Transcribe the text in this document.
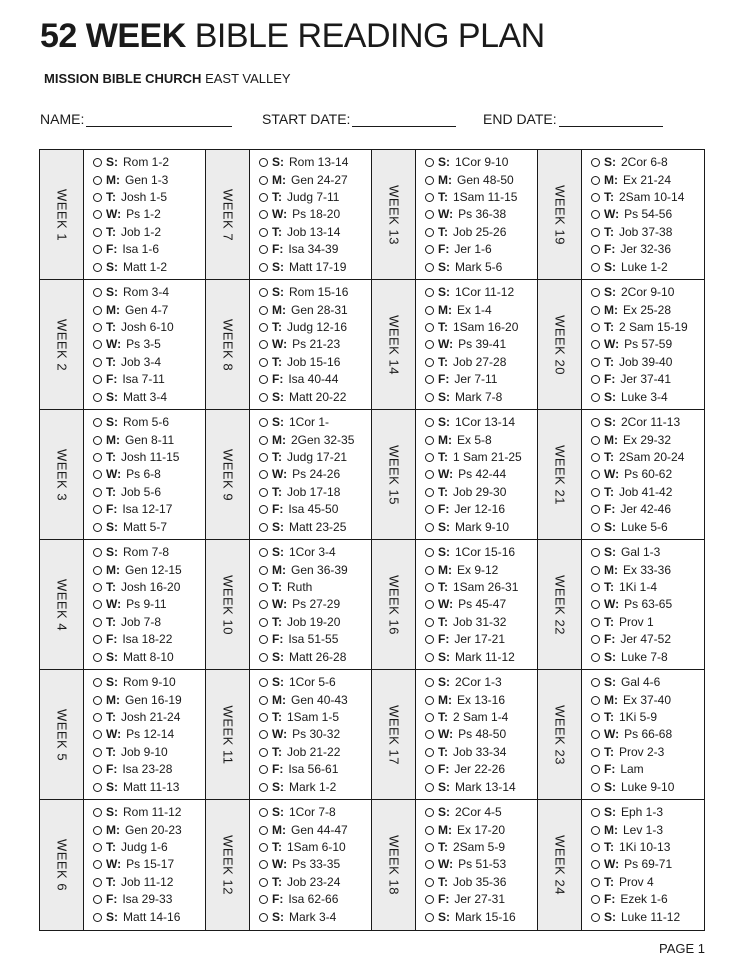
52 WEEK BIBLE READING PLAN
MISSION BIBLE CHURCH EAST VALLEY
NAME:	START DATE:	END DATE:
WEEK 1
S: Rom 1-2
M: Gen 1-3
T: Josh 1-5
W: Ps 1-2
T: Job 1-2
F: Isa 1-6
S: Matt 1-2
WEEK 7
S: Rom 13-14
M: Gen 24-27
T: Judg 7-11
W: Ps 18-20
T: Job 13-14
F: Isa 34-39
S: Matt 17-19
WEEK 13
S: 1Cor 9-10
M: Gen 48-50
T: 1Sam 11-15
W: Ps 36-38
T: Job 25-26
F: Jer 1-6
S: Mark 5-6
WEEK 19
S: 2Cor 6-8
M: Ex 21-24
T: 2Sam 10-14
W: Ps 54-56
T: Job 37-38
F: Jer 32-36
S: Luke 1-2
WEEK 2
S: Rom 3-4
M: Gen 4-7
T: Josh 6-10
W: Ps 3-5
T: Job 3-4
F: Isa 7-11
S: Matt 3-4
WEEK 8
S: Rom 15-16
M: Gen 28-31
T: Judg 12-16
W: Ps 21-23
T: Job 15-16
F: Isa 40-44
S: Matt 20-22
WEEK 14
S: 1Cor 11-12
M: Ex 1-4
T: 1Sam 16-20
W: Ps 39-41
T: Job 27-28
F: Jer 7-11
S: Mark 7-8
WEEK 20
S: 2Cor 9-10
M: Ex 25-28
T: 2 Sam 15-19
W: Ps 57-59
T: Job 39-40
F: Jer 37-41
S: Luke 3-4
WEEK 3
S: Rom 5-6
M: Gen 8-11
T: Josh 11-15
W: Ps 6-8
T: Job 5-6
F: Isa 12-17
S: Matt 5-7
WEEK 9
S: 1Cor 1-
M: 2Gen 32-35
T: Judg 17-21
W: Ps 24-26
T: Job 17-18
F: Isa 45-50
S: Matt 23-25
WEEK 15
S: 1Cor 13-14
M: Ex 5-8
T: 1 Sam 21-25
W: Ps 42-44
T: Job 29-30
F: Jer 12-16
S: Mark 9-10
WEEK 21
S: 2Cor 11-13
M: Ex 29-32
T: 2Sam 20-24
W: Ps 60-62
T: Job 41-42
F: Jer 42-46
S: Luke 5-6
WEEK 4
S: Rom 7-8
M: Gen 12-15
T: Josh 16-20
W: Ps 9-11
T: Job 7-8
F: Isa 18-22
S: Matt 8-10
WEEK 10
S: 1Cor 3-4
M: Gen 36-39
T: Ruth
W: Ps 27-29
T: Job 19-20
F: Isa 51-55
S: Matt 26-28
WEEK 16
S: 1Cor 15-16
M: Ex 9-12
T: 1Sam 26-31
W: Ps 45-47
T: Job 31-32
F: Jer 17-21
S: Mark 11-12
WEEK 22
S: Gal 1-3
M: Ex 33-36
T: 1Ki 1-4
W: Ps 63-65
T: Prov 1
F: Jer 47-52
S: Luke 7-8
WEEK 5
S: Rom 9-10
M: Gen 16-19
T: Josh 21-24
W: Ps 12-14
T: Job 9-10
F: Isa 23-28
S: Matt 11-13
WEEK 11
S: 1Cor 5-6
M: Gen 40-43
T: 1Sam 1-5
W: Ps 30-32
T: Job 21-22
F: Isa 56-61
S: Mark 1-2
WEEK 17
S: 2Cor 1-3
M: Ex 13-16
T: 2 Sam 1-4
W: Ps 48-50
T: Job 33-34
F: Jer 22-26
S: Mark 13-14
WEEK 23
S: Gal 4-6
M: Ex 37-40
T: 1Ki 5-9
W: Ps 66-68
T: Prov 2-3
F: Lam
S: Luke 9-10
WEEK 6
S: Rom 11-12
M: Gen 20-23
T: Judg 1-6
W: Ps 15-17
T: Job 11-12
F: Isa 29-33
S: Matt 14-16
WEEK 12
S: 1Cor 7-8
M: Gen 44-47
T: 1Sam 6-10
W: Ps 33-35
T: Job 23-24
F: Isa 62-66
S: Mark 3-4
WEEK 18
S: 2Cor 4-5
M: Ex 17-20
T: 2Sam 5-9
W: Ps 51-53
T: Job 35-36
F: Jer 27-31
S: Mark 15-16
WEEK 24
S: Eph 1-3
M: Lev 1-3
T: 1Ki 10-13
W: Ps 69-71
T: Prov 4
F: Ezek 1-6
S: Luke 11-12
PAGE 1
